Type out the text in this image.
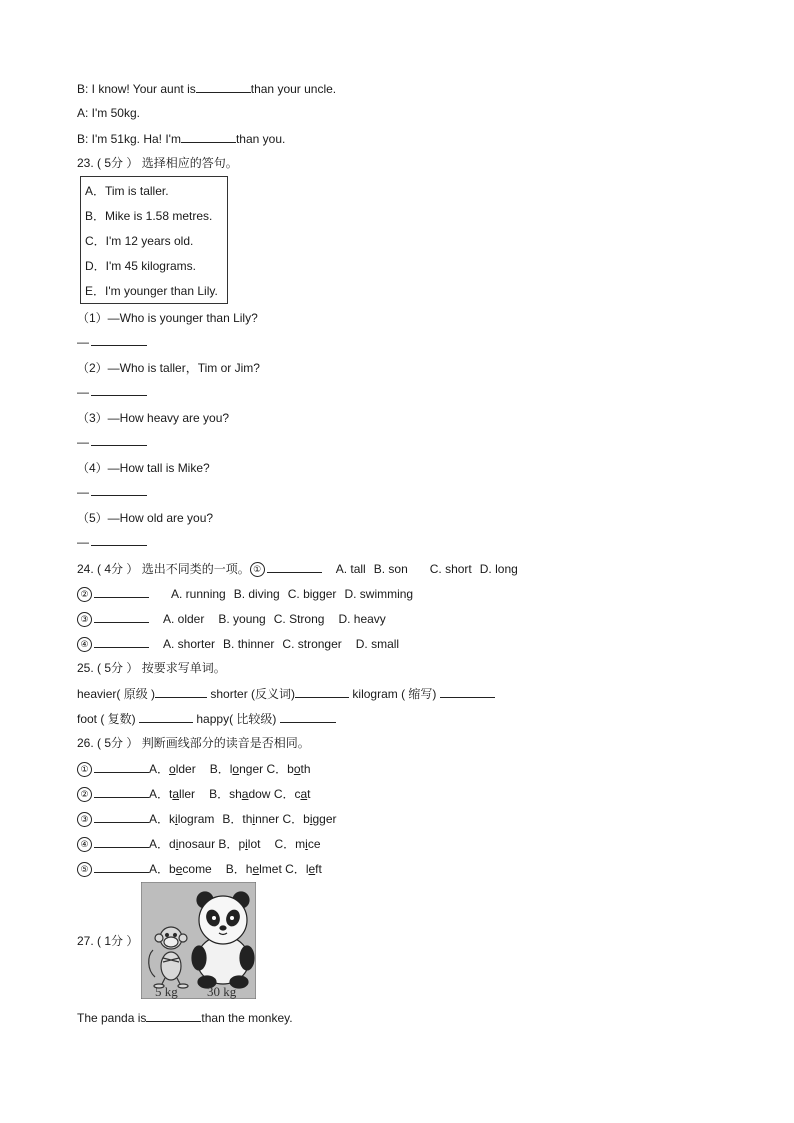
B: I know! Your aunt is	than your uncle.
A: I'm 50kg.
B: I'm 51kg. Ha! I'm	than you.
23. ( 5分 ） 选择相应的答句。
A．Tim is taller.
B．Mike is 1.58 metres.
C．I'm 12 years old.
D．I'm 45 kilograms.
E．I'm younger than Lily.
（1）—Who is younger than Lily?
—
（2）—Who is taller，Tim or Jim?
—
（3）—How heavy are you?
—
（4）—How tall is Mike?
—
（5）—How old are you?
—
24. ( 4分 ） 选出不同类的一项。 ①	A. tall B. son C. short D. long
②	A. running B. diving C. bigger D. swimming
③	A. older B. young C. Strong D. heavy
④	A. shorter B. thinner C. stronger D. small
25. ( 5分 ） 按要求写单词。
heavier( 原级 )	shorter (反义词)	kilogram ( 缩写)
foot ( 复数)	happy( 比较级)
26. ( 5分 ） 判断画线部分的读音是否相同。
①	A．older B．longer C．both
②	A．taller B．shadow C．cat
③	A．kilogram B．thinner C．bigger
④	A．dinosaur B．pilot C．mice
⑤	A．become B．helmet C．left
27. ( 1分 ）
5 kg 30 kg
The panda is	than the monkey.
